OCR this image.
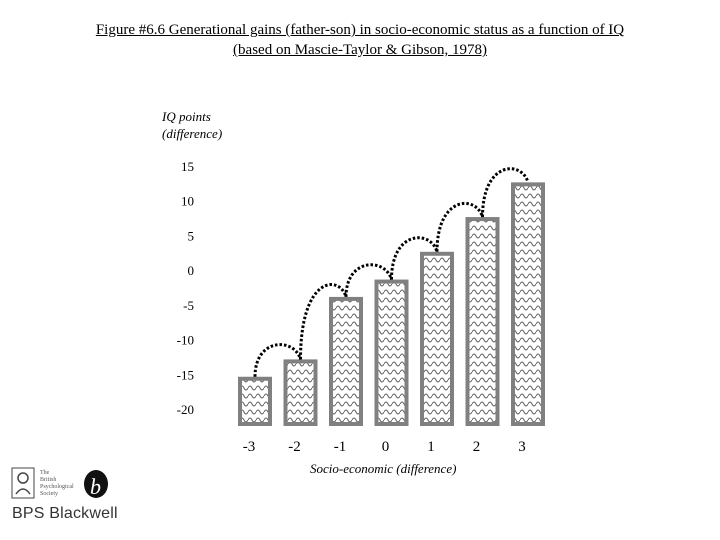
Figure #6.6 Generational gains (father-son) in socio-economic status as a function of IQ
(based on Mascie-Taylor & Gibson, 1978)
IQ points
(difference)
15
10
5
0
-5
-10
-15
-20
-3 -2 -1 0	1	2	3
Socio-economic (difference)
The
British
Psychological
Society b
BPS Blackwell
